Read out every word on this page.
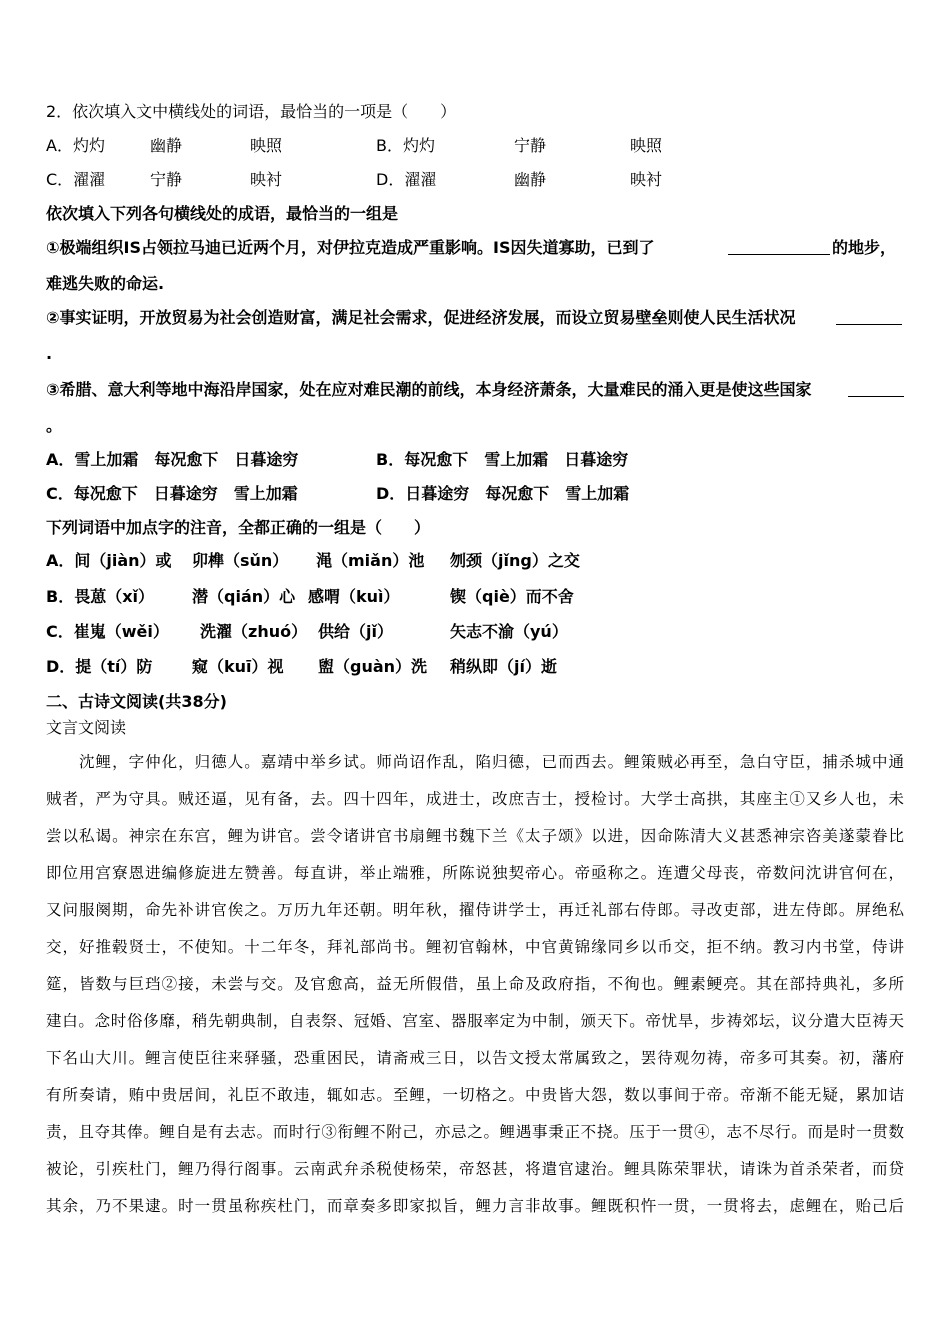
2．依次填入文中横线处的词语，最恰当的一项是（　　）
A．灼灼	幽静	映照	B．灼灼	宁静	映照
C．濯濯	宁静	映衬	D．濯濯	幽静	映衬
依次填入下列各句横线处的成语，最恰当的一组是
①极端组织IS占领拉马迪已近两个月，对伊拉克造成严重影响。IS因失道寡助，已到了	的地步，
难逃失败的命运.
②事实证明，开放贸易为社会创造财富，满足社会需求，促进经济发展，而设立贸易壁垒则使人民生活状况
.
③希腊、意大利等地中海沿岸国家，处在应对难民潮的前线，本身经济萧条，大量难民的涌入更是使这些国家
。
A．雪上加霜　每况愈下　日暮途穷	B．每况愈下　雪上加霜　日暮途穷
C．每况愈下　日暮途穷　雪上加霜	D．日暮途穷　每况愈下　雪上加霜
下列词语中加点字的注音，全都正确的一组是（　　）
A．间（jiàn）或 卯榫（sǔn） 渑（miǎn）池 刎颈（jǐng）之交
B．畏葸（xǐ） 潜（qián）心 感喟（kuì）	锲（qiè）而不舍
C．崔嵬（wěi） 洗濯（zhuó） 供给（jǐ）	矢志不渝（yú）
D．提（tí）防 窥（kuī）视 盥（guàn）洗 稍纵即（jí）逝
二、古诗文阅读(共38分)
文言文阅读
　　沈鲤，字仲化，归德人。嘉靖中举乡试。师尚诏作乱，陷归德，已而西去。鲤策贼必再至，急白守臣，捕杀城中通
贼者，严为守具。贼还逼，见有备，去。四十四年，成进士，改庶吉士，授检讨。大学士高拱，其座主①又乡人也，未
尝以私谒。神宗在东宫，鲤为讲官。尝令诸讲官书扇鲤书魏下兰《太子颂》以进，因命陈清大义甚悉神宗咨美遂蒙眷比
即位用宫寮恩进编修旋进左赞善。每直讲，举止端雅，所陈说独契帝心。帝亟称之。连遭父母丧，帝数问沈讲官何在，
又问服阕期，命先补讲官俟之。万历九年还朝。明年秋，擢侍讲学士，再迁礼部右侍郎。寻改吏部，进左侍郎。屏绝私
交，好推毂贤士，不使知。十二年冬，拜礼部尚书。鲤初官翰林，中官黄锦缘同乡以币交，拒不纳。教习内书堂，侍讲
筵，皆数与巨珰②接，未尝与交。及官愈高，益无所假借，虽上命及政府指，不徇也。鲤素鲠亮。其在部持典礼，多所
建白。念时俗侈靡，稍先朝典制，自表祭、冠婚、宫室、器服率定为中制，颁天下。帝忧旱，步祷郊坛，议分遣大臣祷天
下名山大川。鲤言使臣往来驿骚，恐重困民，请斋戒三日，以告文授太常属致之，罢待观勿祷，帝多可其奏。初，藩府
有所奏请，贿中贵居间，礼臣不敢违，辄如志。至鲤，一切格之。中贵皆大怨，数以事间于帝。帝渐不能无疑，累加诘
责，且夺其俸。鲤自是有去志。而时行③衔鲤不附己，亦忌之。鲤遇事秉正不挠。压于一贯④，志不尽行。而是时一贯数
被论，引疾杜门，鲤乃得行阁事。云南武弁杀税使杨荣，帝怒甚，将遣官逮治。鲤具陈荣罪状，请诛为首杀荣者，而贷
其余，乃不果逮。时一贯虽称疾杜门，而章奏多即家拟旨，鲤力言非故事。鲤既积忤一贯，一贯将去，虑鲤在，贻己后
